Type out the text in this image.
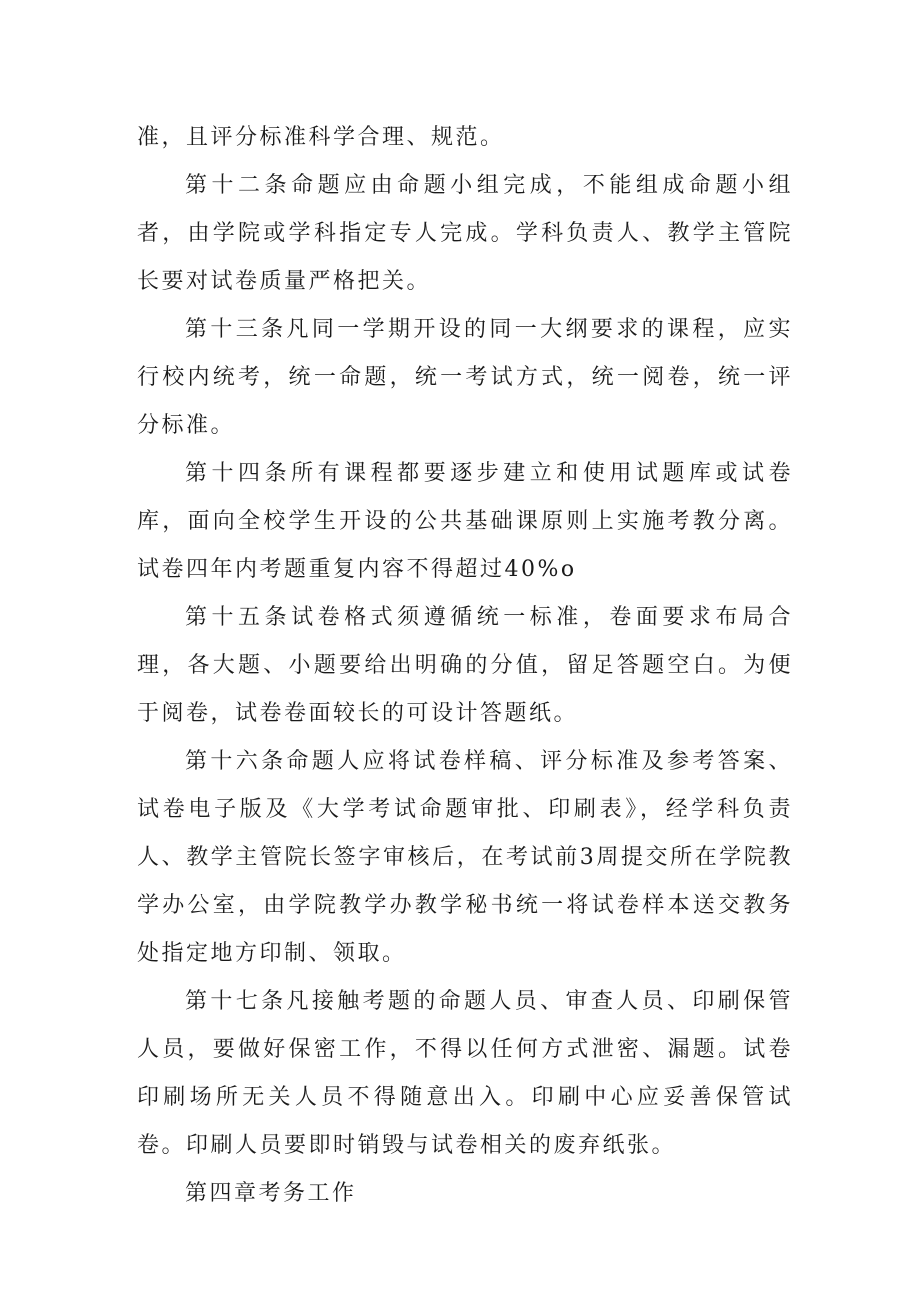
准，且评分标准科学合理、规范。

第十二条命题应由命题小组完成，不能组成命题小组者，由学院或学科指定专人完成。学科负责人、教学主管院长要对试卷质量严格把关。

第十三条凡同一学期开设的同一大纲要求的课程，应实行校内统考，统一命题，统一考试方式，统一阅卷，统一评分标准。

第十四条所有课程都要逐步建立和使用试题库或试卷库，面向全校学生开设的公共基础课原则上实施考教分离。试卷四年内考题重复内容不得超过40%o

第十五条试卷格式须遵循统一标准，卷面要求布局合理，各大题、小题要给出明确的分值，留足答题空白。为便于阅卷，试卷卷面较长的可设计答题纸。

第十六条命题人应将试卷样稿、评分标准及参考答案、试卷电子版及《大学考试命题审批、印刷表》，经学科负责人、教学主管院长签字审核后，在考试前3周提交所在学院教学办公室，由学院教学办教学秘书统一将试卷样本送交教务处指定地方印制、领取。

第十七条凡接触考题的命题人员、审查人员、印刷保管人员，要做好保密工作，不得以任何方式泄密、漏题。试卷印刷场所无关人员不得随意出入。印刷中心应妥善保管试卷。印刷人员要即时销毁与试卷相关的废弃纸张。

第四章考务工作
